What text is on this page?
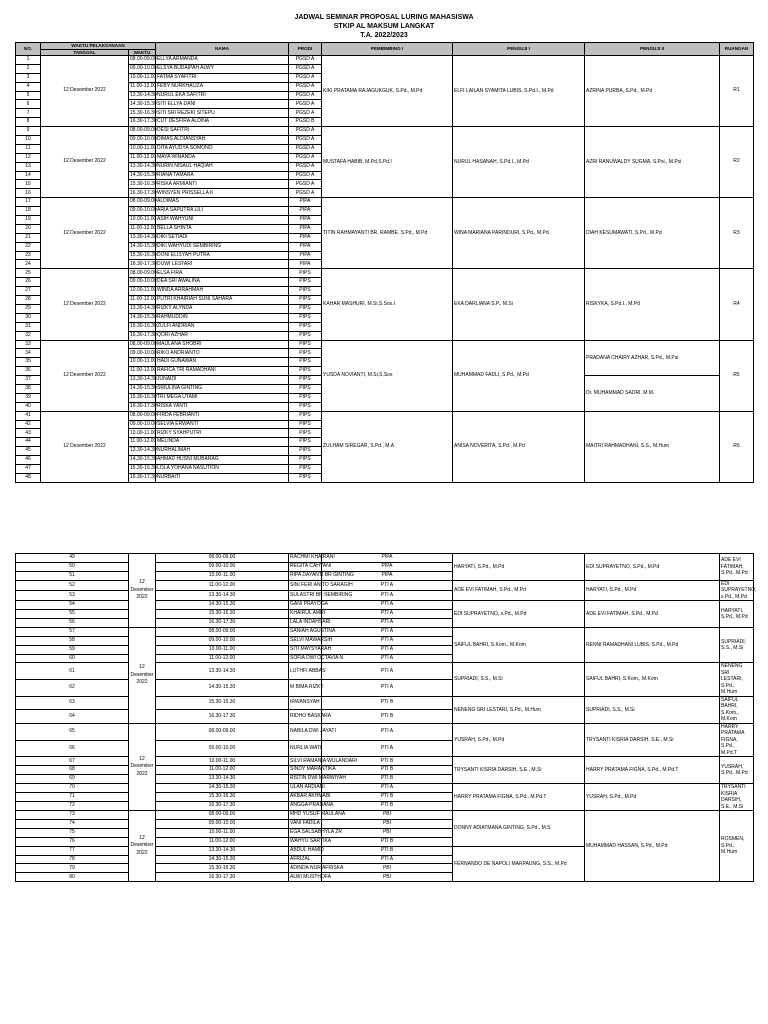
JADWAL SEMINAR PROPOSAL LURING MAHASISWA
STKIP AL MAKSUM LANGKAT
T.A. 2022/2023
NO.	WAKTU PELAKSANAAN		NAMA	PRODI	PEMBIMBING I	PENGUJI I	PENGUJI II	RUANGAN
	TANGGAL	WAKTU						
1	12 Desember 2022	08.00-09.00	ELLYA ARMANDA	PGSD A	KIKI PRATAMA RAJAGUKGUK, S.Pd., M.Pd	ELFI LAILAN SYAMITA LUBIS, S.Pd.I., M.Pd	AZRINA PURBA, S.Pd., M.Pd	R1
2		09.00-10.00	ELSYA BUDAIPAH ALWY	PGSD A				
3		10.00-11.00	FATMA SYAFITRI	PGSD A				
4		11.00-12.00	FEBY NURKHALIZA	PGSD A				
5		13.30-14.30	NURUL EKA SAFITRI	PGSD A				
6		14.30-15.30	SITI ELLYA DANI	PGSD A				
7		15.30-16.30	SITI SRI REZEKI SITEPU	PGSD A				
8		16.30-17.30	CUT DESFIRA ALDINA	PGSD B				
9	12 Desember 2022	08.00-09.00	DESI SAFITRI	PGSD A	MUSTAFA HABIB, M.Pd,S.Pd.I	NURUL HASANAH, S.Pd.I., M.Pd	AZRI RANUWALDY SUGMA, S.Psi., M.Psi	R2
10		09.00-10.00	DIMAS ALDIANSYAH	PGSD A				
11		10.00-11.00	DITA AYUDYA SOMONO	PGSD A				
12		11.00-12.00	MAYA WINANDA	PGSD A				
13		13.30-14.30	NURIN NISAUL HAQIAH	PGSD A				
14		14.30-15.30	RIANA TAMARA	PGSD A				
15		15.30-16.30	RISKA ARMIANTI	PGSD A				
16		16.30-17.30	WINSYEN PRISSELLA K	PGSD A				
17	12 Desember 2022	08.00-09.00	ALDIMAS	PIPA	TITIN RAHMAYANTI BR. RAMBE, S.Pd., M.Pd	WINA MARIANA PARINDURI, S.Pd., M.Pd	DIAH KESUMAWATI, S.Pd., M.Pd	R3
18		09.00-10.00	ARIA SAPUTRA LILI	PIPA				
19		10.00-11.00	ASIH WAHYUNI	PIPA				
20		11.00-12.00	BELLA SHINTA	PIPA				
21		13.30-14.30	DIKI SETIADI	PIPA				
22		14.30-15.30	DIKI WAHYUDI SEMBIRING	PIPA				
23		15.30-16.30	DONI ELISYAH PUTRA	PIPA				
24		16.30-17.30	DUWI LESTARI	PIPA				
25	12 Desember 2022	08.00-09.00	ELSA FIRA	PIPS	KAHAR MASHURI, M.Si,S.Sos.I	EKA DARLIANA S.P., M.Si	RISKYKA, S.Pd.I., M.Pd	R4
26		09.00-10.00	DEA SRI AWALINA	PIPS				
27		10.00-11.00	WINDA ARRAHMAH	PIPS				
28		11.00-12.00	PUTRI KHAIRIAH SUNI SAHARA	PIPS				
29		13.30-14.30	RIZKY ALYNDA	PIPS				
30		14.30-15.30	RAHMUDDIN	PIPS				
31		15.30-16.30	ZULFI ANDRIAN	PIPS				
32		16.30-17.30	QORI AZHAR	PIPS				
33	12 Desember 2022	08.00-09.00	MAULANA SHOBRI	PIPS	YUSDA NOVIANTI, M.Si,S.Sos	MUHAMMAD FADLI, S.Pd., M.Pd	PRADANA CHAIRY AZHAR, S.Pd., M.Psi	R5
34		09.00-10.00	RIKO ANDRIANTO	PIPS				
35		10.00-11.00	HADI GUNAWAN	PIPS				
36		11.00-12.00	RAFICA TRI RAMADHANI	PIPS				
37		13.30-14.30	JUNAIDI	PIPS			Dr. MUHAMMAD SADRI. M.M.	
38		14.30-15.30	SRIULINA GINTING	PIPS				
39		15.30-16.30	TRI MEGA UTAMI	PIPS				
40		16.30-17.30	RISKA YANTI	PIPS				
41	12 Desember 2022	08.00-09.00	FIRDA FEBRIANTI	PIPS	ZULHAM SIREGAR, S.Pd., M.A	ANISA NOVERITA, S.Pd., M.Pd	MAITRI RAHMADHANI, S.S., M.Hum	R6
42		09.00-10.00	SELVIA ERWANTI	PIPS				
43		10.00-11.00	RIZKY SYAHPUTRI	PIPS				
44		11.00-12.00	MELINDA	PIPS				
45		13.30-14.30	NURHALIMAH	PIPS				
46		14.30-15.30	AHMAD HUSNI MUBARAG	PIPS				
47		15.30-16.30	LOLA YOHANA NASUTION	PIPS				
48		16.30-17.30	NURBAITI	PIPS				
49	12 Desember 2022	08.00-09.00	RACHMI KHAIRANI	PIPA	HARYATI, S.Pd., M.Pd	EDI SUPRAYETNO, S.Pd., M.Pd	ADE EVI FATIMAH, S.Pd., M.Pd	
50		09.00-10.00	REGITA CAHYANI	PIPA				
51		10.00-11.00	RIPA DAYANTI BR GINTING	PIPA				
52		11.00-12.00	SINI FERI ANITO SARAGIH	PTI A	ADE EVI FATIMAH, S.Pd., M.Pd	HARYATI, S.Pd., M.Pd	EDI SUPRAYETNO, s.Pd., M.Pd	
53		13.30-14.30	SULASTRI BR SEMBIRING	PTI A				
54		14.30-15.30	GANI PRAYOGA	PTI A	EDI SUPRAYETNO, s.Pd., M.Pd	ADE EVI FATIMAH, S.Pd., M.Pd	HARYATI, S.Pd., M.Pd	
55		15.30-16.30	KHAIRUL AMRI	PTI A				
56		16.30-17.30	LALA INDAHSARI	PTI A				
57	12 Desember 2022	08.00-09.00	SANIAH AGUSTINA	PTI A	SAIFUL BAHRI, S.Kom., M.Kom	RENNI RAMADHANI LUBIS, S.Pd., M.Pd	SUPRIADI, S.S., M.Si	
58		09.00-10.00	SELVI MAWARSIH	PTI A				
59		10.00-11.00	SITI MAYSYARAH	PTI A				
60		11.00-12.00	SOFIA DWI OCTAVIA N	PTI A				
61		13.30-14.30	LUTHFI ABBAS	PTI A	SUPRIADI, S.S., M.Si	SAIFUL BAHRI, S.Kom., M.Kom	NENENG SRI LESTARI, S.Pd., M.Hum	
62		14.30-15.30	M BIMA RIZKY	PTI A				
63		15.30-16.30	IRWANSYAH	PTI B	NENENG SRI LESTARI, S.Pd., M.Hum	SUPRIADI, S.S., M.Si	SAIFUL BAHRI, S.Kom., M.Kom	
64		16.30-17.30	RIDHO BASKARA	PTI B				
65	12 Desember 2022	08.00-09.00	NABILA DWI JAYATI	PTI A	YUSRAH, S.Pd., M.Pd	TRYSANTI KISRIA DARSIH, S.E., M.Si	HARRY PRATAMA FIGNA, S.Pd., M.Pd.T	
66		09.00-10.00	NURLIA WATI	PTI A				
67		10.00-11.00	SILVI RAMANIA WULANDARI	PTI B	TRYSANTI KISRIA DARSIH, S.E., M.Si	HARRY PRATAMA FIGNA, S.Pd., M.Pd.T	YUSRAH, S.Pd., M.Pd	
68		11.00-12.00	SINDY MARANTIKA	PTI B				
69		13.30-14.30	RISTIN DWI MARWIYAH	PTI B				
70		14.30-15.30	ULAN ARDIANI	PTI A	HARRY PRATAMA FIGNA, S.Pd., M.Pd.T	YUSRAH, S.Pd., M.Pd	TRYSANTI KISRIA DARSIH, S.E., M.Si	
71		15.30-16.30	AKBAR AKHMABI	PTI B				
72		16.30-17.30	ANGGA PRADANA	PTI B				
73	12 Desember 2022	08.00-09.00	MHD YUSUF MAULANA	PBI	DONNY ADIATMANA GINTING, S.Pd., M.S	MUHAMMAD HASSAN, S.Pd., M.Pd	ROSMEN, S.Pd., M.Hum	
74		09.00-10.00	VANI FADILA	PBI				
75		10.00-11.00	EGA SALSABHYLA ZR	PBI				
76		11.00-12.00	WAHYU SARTIKA	PTI B				
77		13.30-14.30	ABDUL HAMID	PTI B	FERNANDO DE NAPOLI MARPAUNG, S.S., M.Pd			
78		14.30-15.30	AFRIZAL	PTI A				
79		15.30-16.30	ADINDA NUR AFRISKA	PBI				
80		16.30-17.30	ALWI MUSTHOFA	PBI				
